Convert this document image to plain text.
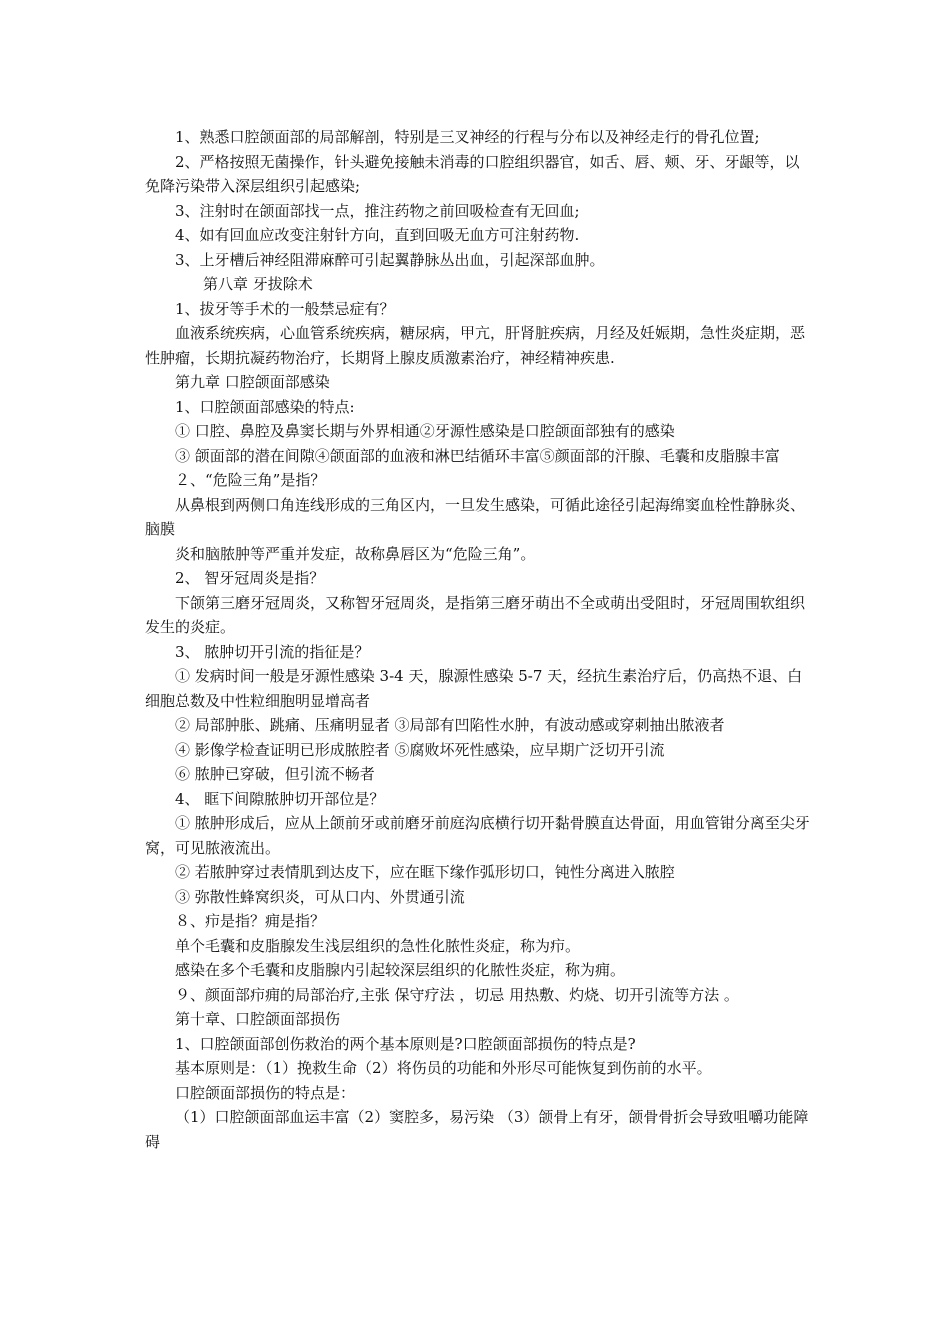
1、熟悉口腔颌面部的局部解剖，特别是三叉神经的行程与分布以及神经走行的骨孔位置;

2、严格按照无菌操作，针头避免接触未消毒的口腔组织器官，如舌、唇、颊、牙、牙龈等，以免降污染带入深层组织引起感染;

3、注射时在颌面部找一点，推注药物之前回吸检查有无回血;

4、如有回血应改变注射针方向，直到回吸无血方可注射药物.

3、上牙槽后神经阻滞麻醉可引起翼静脉丛出血，引起深部血肿。

第八章 牙拔除术

1、拔牙等手术的一般禁忌症有？

血液系统疾病，心血管系统疾病，糖尿病，甲亢，肝肾脏疾病，月经及妊娠期，急性炎症期，恶性肿瘤，长期抗凝药物治疗，长期肾上腺皮质激素治疗，神经精神疾患.

第九章 口腔颌面部感染

1、口腔颌面部感染的特点:

① 口腔、鼻腔及鼻窦长期与外界相通②牙源性感染是口腔颌面部独有的感染

③ 颌面部的潜在间隙④颌面部的血液和淋巴结循环丰富⑤颜面部的汗腺、毛囊和皮脂腺丰富

２、“危险三角”是指？

从鼻根到两侧口角连线形成的三角区内，一旦发生感染，可循此途径引起海绵窦血栓性静脉炎、脑膜

炎和脑脓肿等严重并发症，故称鼻唇区为“危险三角”。

2、 智牙冠周炎是指？

下颌第三磨牙冠周炎，又称智牙冠周炎，是指第三磨牙萌出不全或萌出受阻时，牙冠周围软组织发生的炎症。

3、 脓肿切开引流的指征是？

① 发病时间一般是牙源性感染 3-4 天，腺源性感染 5-7 天，经抗生素治疗后，仍高热不退、白细胞总数及中性粒细胞明显增高者

② 局部肿胀、跳痛、压痛明显者 ③局部有凹陷性水肿，有波动感或穿刺抽出脓液者

④ 影像学检查证明已形成脓腔者 ⑤腐败坏死性感染，应早期广泛切开引流

⑥ 脓肿已穿破，但引流不畅者

4、 眶下间隙脓肿切开部位是？

① 脓肿形成后，应从上颌前牙或前磨牙前庭沟底横行切开黏骨膜直达骨面，用血管钳分离至尖牙窝，可见脓液流出。

② 若脓肿穿过表情肌到达皮下，应在眶下缘作弧形切口，钝性分离进入脓腔

③ 弥散性蜂窝织炎，可从口内、外贯通引流

８、疖是指？痈是指？

单个毛囊和皮脂腺发生浅层组织的急性化脓性炎症，称为疖。

感染在多个毛囊和皮脂腺内引起较深层组织的化脓性炎症，称为痈。

９、颜面部疖痈的局部治疗,主张 保守疗法 ，切忌 用热敷、灼烧、切开引流等方法 。

第十章、口腔颌面部损伤

1、口腔颌面部创伤救治的两个基本原则是?口腔颌面部损伤的特点是?

基本原则是：（1）挽救生命（2）将伤员的功能和外形尽可能恢复到伤前的水平。

口腔颌面部损伤的特点是：

（1）口腔颌面部血运丰富（2）窦腔多，易污染 （3）颌骨上有牙，颌骨骨折会导致咀嚼功能障碍
